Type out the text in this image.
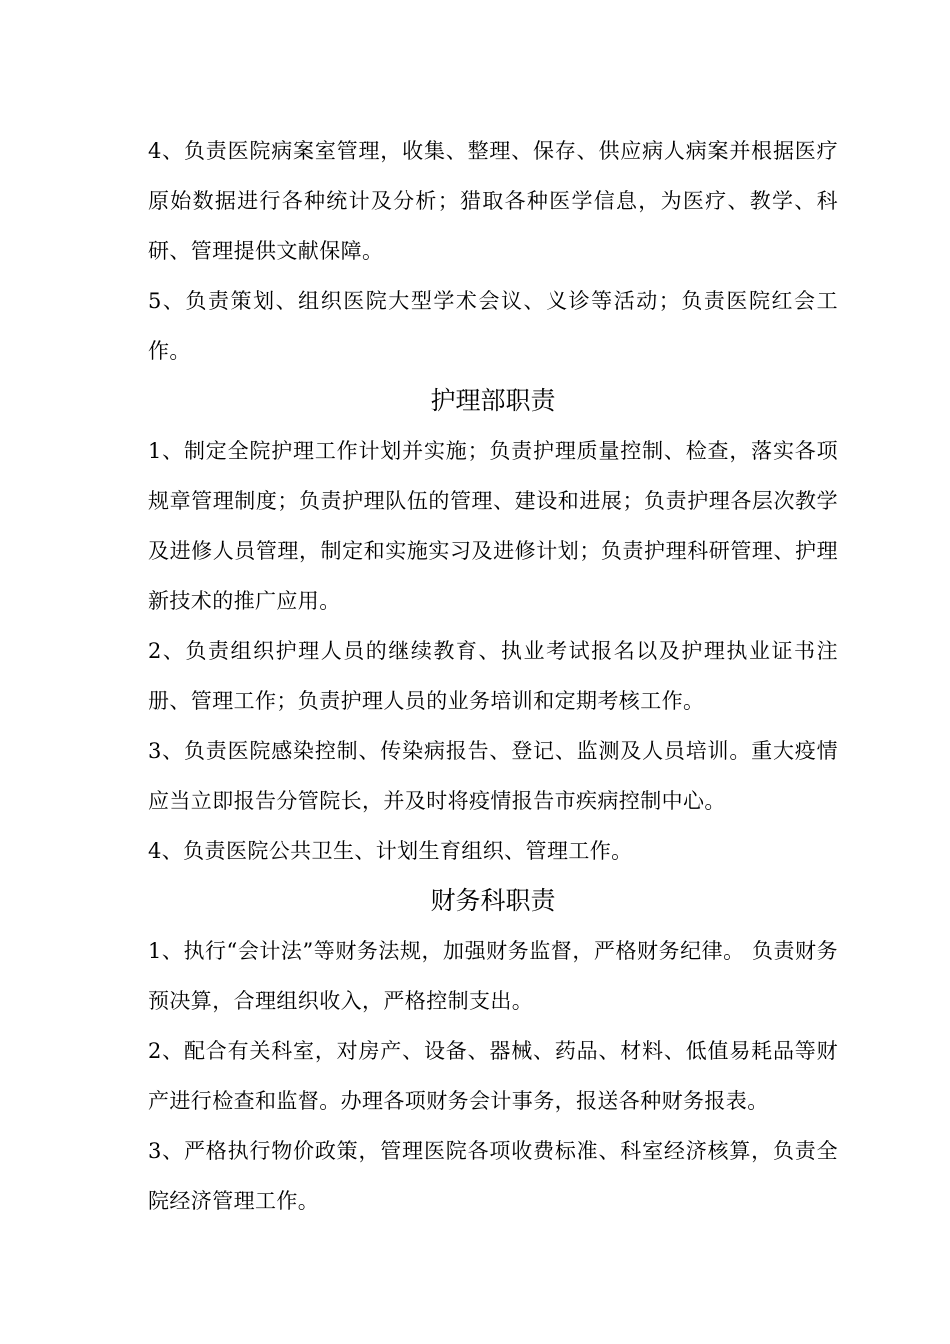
4、负责医院病案室管理，收集、整理、保存、供应病人病案并根据医疗原始数据进行各种统计及分析；猎取各种医学信息，为医疗、教学、科研、管理提供文献保障。

5、负责策划、组织医院大型学术会议、义诊等活动；负责医院红会工作。

护理部职责

1、制定全院护理工作计划并实施；负责护理质量控制、检查，落实各项规章管理制度；负责护理队伍的管理、建设和进展；负责护理各层次教学及进修人员管理，制定和实施实习及进修计划；负责护理科研管理、护理新技术的推广应用。

2、负责组织护理人员的继续教育、执业考试报名以及护理执业证书注册、管理工作；负责护理人员的业务培训和定期考核工作。

3、负责医院感染控制、传染病报告、登记、监测及人员培训。重大疫情应当立即报告分管院长，并及时将疫情报告市疾病控制中心。

4、负责医院公共卫生、计划生育组织、管理工作。

财务科职责

1、执行“会计法”等财务法规，加强财务监督，严格财务纪律。 负责财务预决算，合理组织收入，严格控制支出。

2、配合有关科室，对房产、设备、器械、药品、材料、低值易耗品等财产进行检查和监督。办理各项财务会计事务，报送各种财务报表。

3、严格执行物价政策，管理医院各项收费标准、科室经济核算，负责全院经济管理工作。
